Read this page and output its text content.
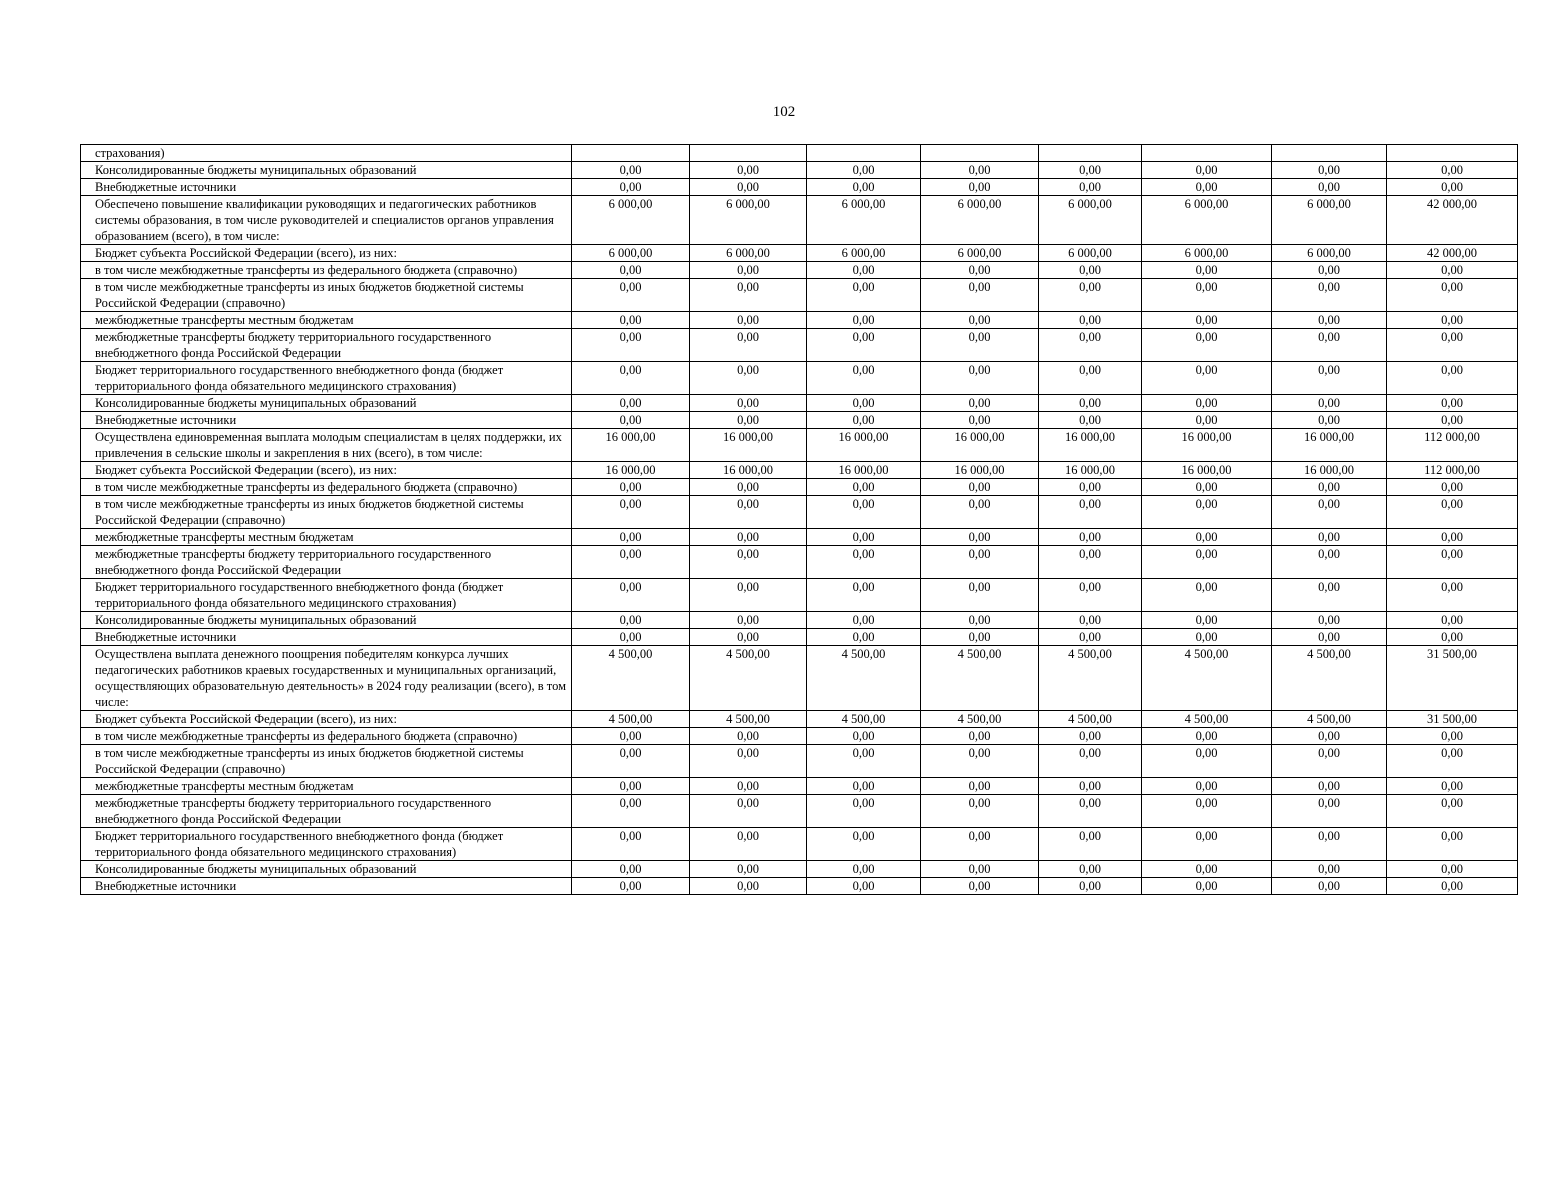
102
страхования)								
Консолидированные бюджеты муниципальных образований	0,00	0,00	0,00	0,00	0,00	0,00	0,00	0,00
Внебюджетные источники	0,00	0,00	0,00	0,00	0,00	0,00	0,00	0,00
Обеспечено повышение квалификации руководящих и педагогических работников системы образования, в том числе руководителей и специалистов органов управления образованием (всего), в том числе:	6 000,00	6 000,00	6 000,00	6 000,00	6 000,00	6 000,00	6 000,00	42 000,00
Бюджет субъекта Российской Федерации (всего), из них:	6 000,00	6 000,00	6 000,00	6 000,00	6 000,00	6 000,00	6 000,00	42 000,00
в том числе межбюджетные трансферты из федерального бюджета (справочно)	0,00	0,00	0,00	0,00	0,00	0,00	0,00	0,00
в том числе межбюджетные трансферты из иных бюджетов бюджетной системы Российской Федерации (справочно)	0,00	0,00	0,00	0,00	0,00	0,00	0,00	0,00
межбюджетные трансферты местным бюджетам	0,00	0,00	0,00	0,00	0,00	0,00	0,00	0,00
межбюджетные трансферты бюджету территориального государственного внебюджетного фонда Российской Федерации	0,00	0,00	0,00	0,00	0,00	0,00	0,00	0,00
Бюджет территориального государственного внебюджетного фонда (бюджет территориального фонда обязательного медицинского страхования)	0,00	0,00	0,00	0,00	0,00	0,00	0,00	0,00
Консолидированные бюджеты муниципальных образований	0,00	0,00	0,00	0,00	0,00	0,00	0,00	0,00
Внебюджетные источники	0,00	0,00	0,00	0,00	0,00	0,00	0,00	0,00
Осуществлена единовременная выплата молодым специалистам в целях поддержки, их привлечения в сельские школы и закрепления в них (всего), в том числе:	16 000,00	16 000,00	16 000,00	16 000,00	16 000,00	16 000,00	16 000,00	112 000,00
Бюджет субъекта Российской Федерации (всего), из них:	16 000,00	16 000,00	16 000,00	16 000,00	16 000,00	16 000,00	16 000,00	112 000,00
в том числе межбюджетные трансферты из федерального бюджета (справочно)	0,00	0,00	0,00	0,00	0,00	0,00	0,00	0,00
в том числе межбюджетные трансферты из иных бюджетов бюджетной системы Российской Федерации (справочно)	0,00	0,00	0,00	0,00	0,00	0,00	0,00	0,00
межбюджетные трансферты местным бюджетам	0,00	0,00	0,00	0,00	0,00	0,00	0,00	0,00
межбюджетные трансферты бюджету территориального государственного внебюджетного фонда Российской Федерации	0,00	0,00	0,00	0,00	0,00	0,00	0,00	0,00
Бюджет территориального государственного внебюджетного фонда (бюджет территориального фонда обязательного медицинского страхования)	0,00	0,00	0,00	0,00	0,00	0,00	0,00	0,00
Консолидированные бюджеты муниципальных образований	0,00	0,00	0,00	0,00	0,00	0,00	0,00	0,00
Внебюджетные источники	0,00	0,00	0,00	0,00	0,00	0,00	0,00	0,00
Осуществлена выплата денежного поощрения победителям конкурса лучших педагогических работников краевых государственных и муниципальных организаций, осуществляющих образовательную деятельность» в 2024 году реализации (всего), в том числе:	4 500,00	4 500,00	4 500,00	4 500,00	4 500,00	4 500,00	4 500,00	31 500,00
Бюджет субъекта Российской Федерации (всего), из них:	4 500,00	4 500,00	4 500,00	4 500,00	4 500,00	4 500,00	4 500,00	31 500,00
в том числе межбюджетные трансферты из федерального бюджета (справочно)	0,00	0,00	0,00	0,00	0,00	0,00	0,00	0,00
в том числе межбюджетные трансферты из иных бюджетов бюджетной системы Российской Федерации (справочно)	0,00	0,00	0,00	0,00	0,00	0,00	0,00	0,00
межбюджетные трансферты местным бюджетам	0,00	0,00	0,00	0,00	0,00	0,00	0,00	0,00
межбюджетные трансферты бюджету территориального государственного внебюджетного фонда Российской Федерации	0,00	0,00	0,00	0,00	0,00	0,00	0,00	0,00
Бюджет территориального государственного внебюджетного фонда (бюджет территориального фонда обязательного медицинского страхования)	0,00	0,00	0,00	0,00	0,00	0,00	0,00	0,00
Консолидированные бюджеты муниципальных образований	0,00	0,00	0,00	0,00	0,00	0,00	0,00	0,00
Внебюджетные источники	0,00	0,00	0,00	0,00	0,00	0,00	0,00	0,00
